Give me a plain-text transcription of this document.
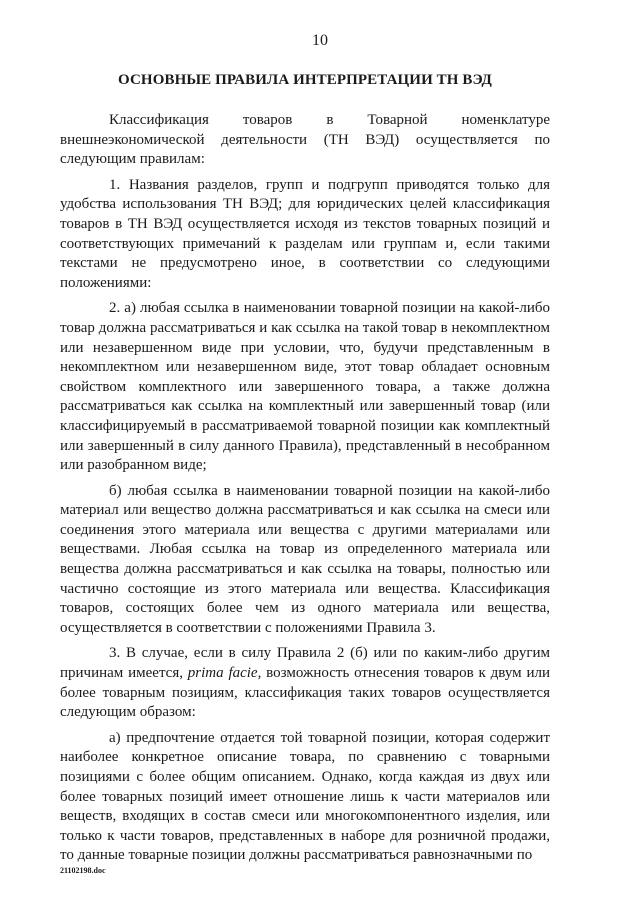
10
ОСНОВНЫЕ ПРАВИЛА ИНТЕРПРЕТАЦИИ ТН ВЭД

Классификация товаров в Товарной номенклатуре внешнеэкономической деятельности (ТН ВЭД) осуществляется по следующим правилам:

1. Названия разделов, групп и подгрупп приводятся только для удобства использования ТН ВЭД; для юридических целей классификация товаров в ТН ВЭД осуществляется исходя из текстов товарных позиций и соответствующих примечаний к разделам или группам и, если такими текстами не предусмотрено иное, в соответствии со следующими положениями:

2. а) любая ссылка в наименовании товарной позиции на какой-либо товар должна рассматриваться и как ссылка на такой товар в некомплектном или незавершенном виде при условии, что, будучи представленным в некомплектном или незавершенном виде, этот товар обладает основным свойством комплектного или завершенного товара, а также должна рассматриваться как ссылка на комплектный или завершенный товар (или классифицируемый в рассматриваемой товарной позиции как комплектный или завершенный в силу данного Правила), представленный в несобранном или разобранном виде;

б) любая ссылка в наименовании товарной позиции на какой-либо материал или вещество должна рассматриваться и как ссылка на смеси или соединения этого материала или вещества с другими материалами или веществами. Любая ссылка на товар из определенного материала или вещества должна рассматриваться и как ссылка на товары, полностью или частично состоящие из этого материала или вещества. Классификация товаров, состоящих более чем из одного материала или вещества, осуществляется в соответствии с положениями Правила 3.

3. В случае, если в силу Правила 2 (б) или по каким-либо другим причинам имеется, prima facie, возможность отнесения товаров к двум или более товарным позициям, классификация таких товаров осуществляется следующим образом:

а) предпочтение отдается той товарной позиции, которая содержит наиболее конкретное описание товара, по сравнению с товарными позициями с более общим описанием. Однако, когда каждая из двух или более товарных позиций имеет отношение лишь к части материалов или веществ, входящих в состав смеси или многокомпонентного изделия, или только к части товаров, представленных в наборе для розничной продажи, то данные товарные позиции должны рассматриваться равнозначными по

21102198.doc
